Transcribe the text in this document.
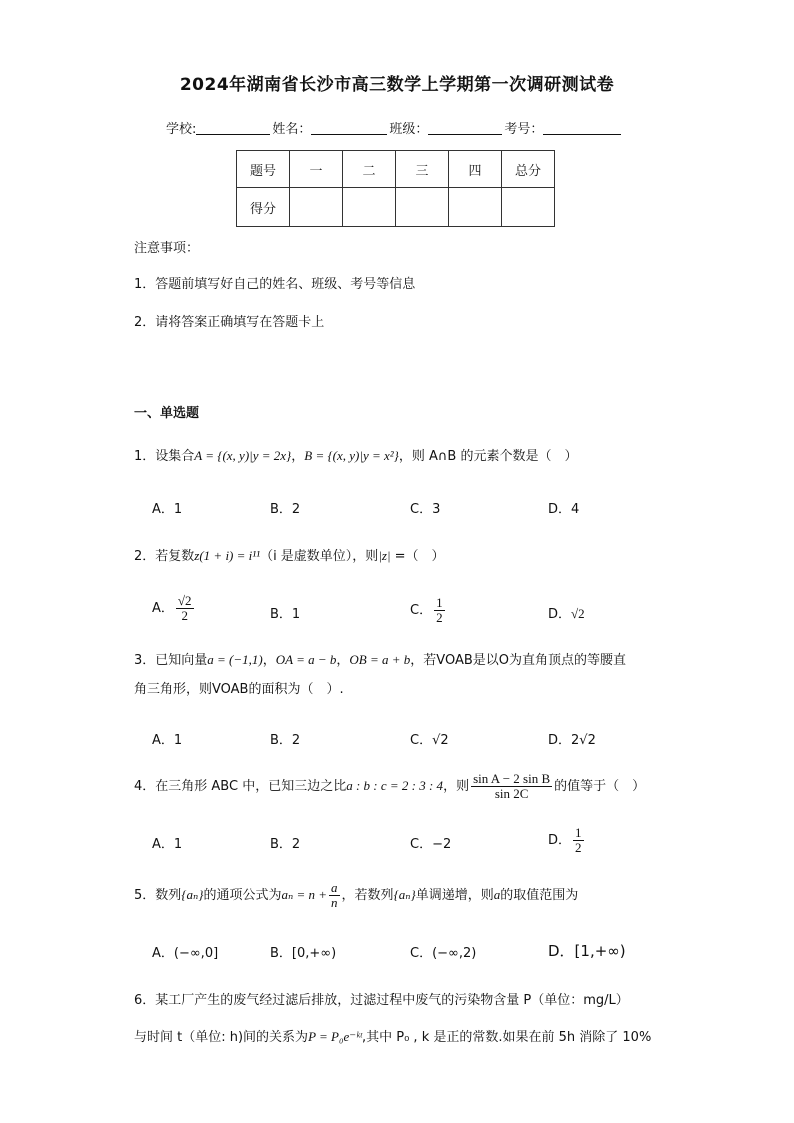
2024年湖南省长沙市高三数学上学期第一次调研测试卷
学校:	姓名：	班级：	考号：
题号	一	二	三	四	总分
得分					
注意事项：
1．答题前填写好自己的姓名、班级、考号等信息
2．请将答案正确填写在答题卡上
一、单选题
1．设集合A = {(x, y)|y = 2x}，B = {(x, y)|y = x²}，则 A∩B 的元素个数是（　）
A．1	B．2	C．3	D．4
2．若复数z(1 + i) = i¹¹（i 是虚数单位），则|z| =（　）
A． $\frac{√2}{2}$	B．1	C． $\frac{1}{2}$	D．√2
3．已知向量a = (−1,1)，OA = a − b，OB = a + b，若VOAB是以O为直角顶点的等腰直
角三角形，则VOAB的面积为（　）.
A．1	B．2	C．√2	D．2√2
4．在三角形 ABC 中，已知三边之比a : b : c = 2 : 3 : 4，则 $\frac{\text{sin A − 2 sin B}}{\sin 2C}$ 的值等于（　）
A．1	B．2	C．−2	D． $\frac{1}{2}$
5．数列{aₙ}的通项公式为$a_n = n + \frac{a}{n}$ ，若数列{aₙ}单调递增，则a的取值范围为
A．(−∞,0]	B．[0,+∞)	C．(−∞,2)	D．[1,+∞)
6．某工厂产生的废气经过滤后排放，过滤过程中废气的污染物含量 P（单位：mg/L）
与时间 t（单位: h)间的关系为P = P₀e⁻ᵏᵗ,其中 P₀ , k 是正的常数.如果在前 5h 消除了 10%
